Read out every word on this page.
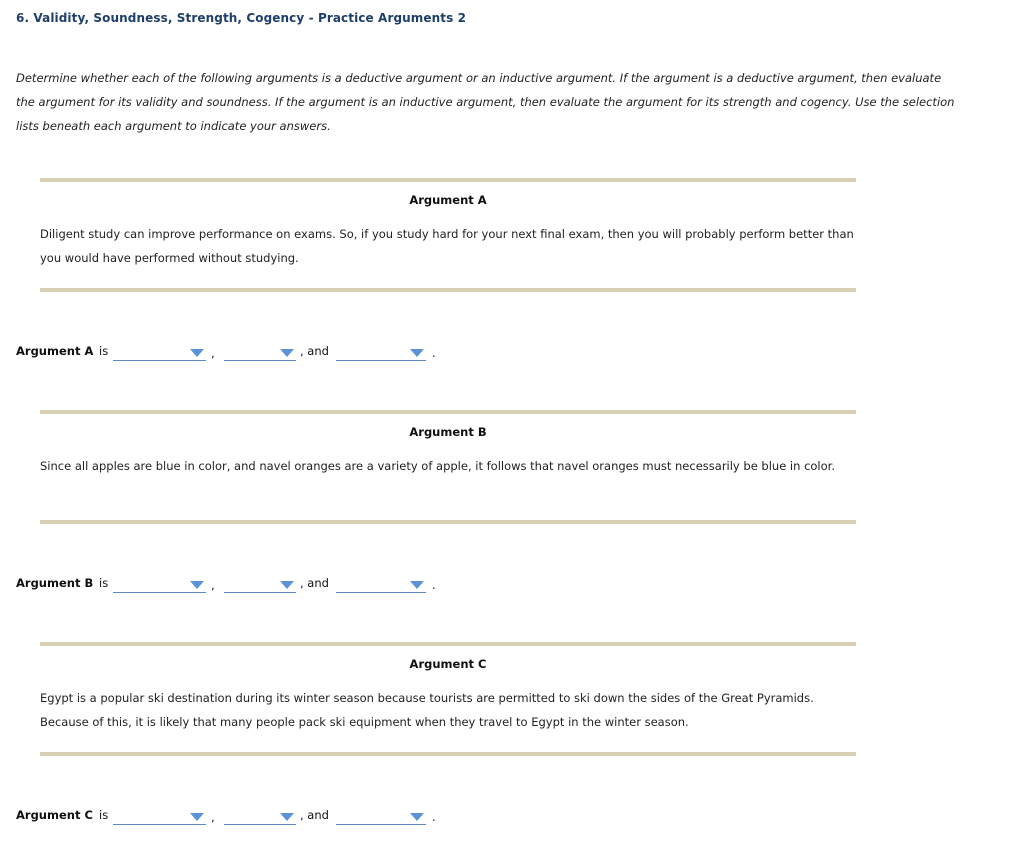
6. Validity, Soundness, Strength, Cogency - Practice Arguments 2
Determine whether each of the following arguments is a deductive argument or an inductive argument. If the argument is a deductive argument, then evaluate the argument for its validity and soundness. If the argument is an inductive argument, then evaluate the argument for its strength and cogency. Use the selection lists beneath each argument to indicate your answers.
Argument A
Diligent study can improve performance on exams. So, if you study hard for your next final exam, then you will probably perform better than you would have performed without studying.
Argument A is	,	, and	.
Argument B
Since all apples are blue in color, and navel oranges are a variety of apple, it follows that navel oranges must necessarily be blue in color.
Argument B is	,	, and	.
Argument C
Egypt is a popular ski destination during its winter season because tourists are permitted to ski down the sides of the Great Pyramids. Because of this, it is likely that many people pack ski equipment when they travel to Egypt in the winter season.
Argument C is	,	, and	.
